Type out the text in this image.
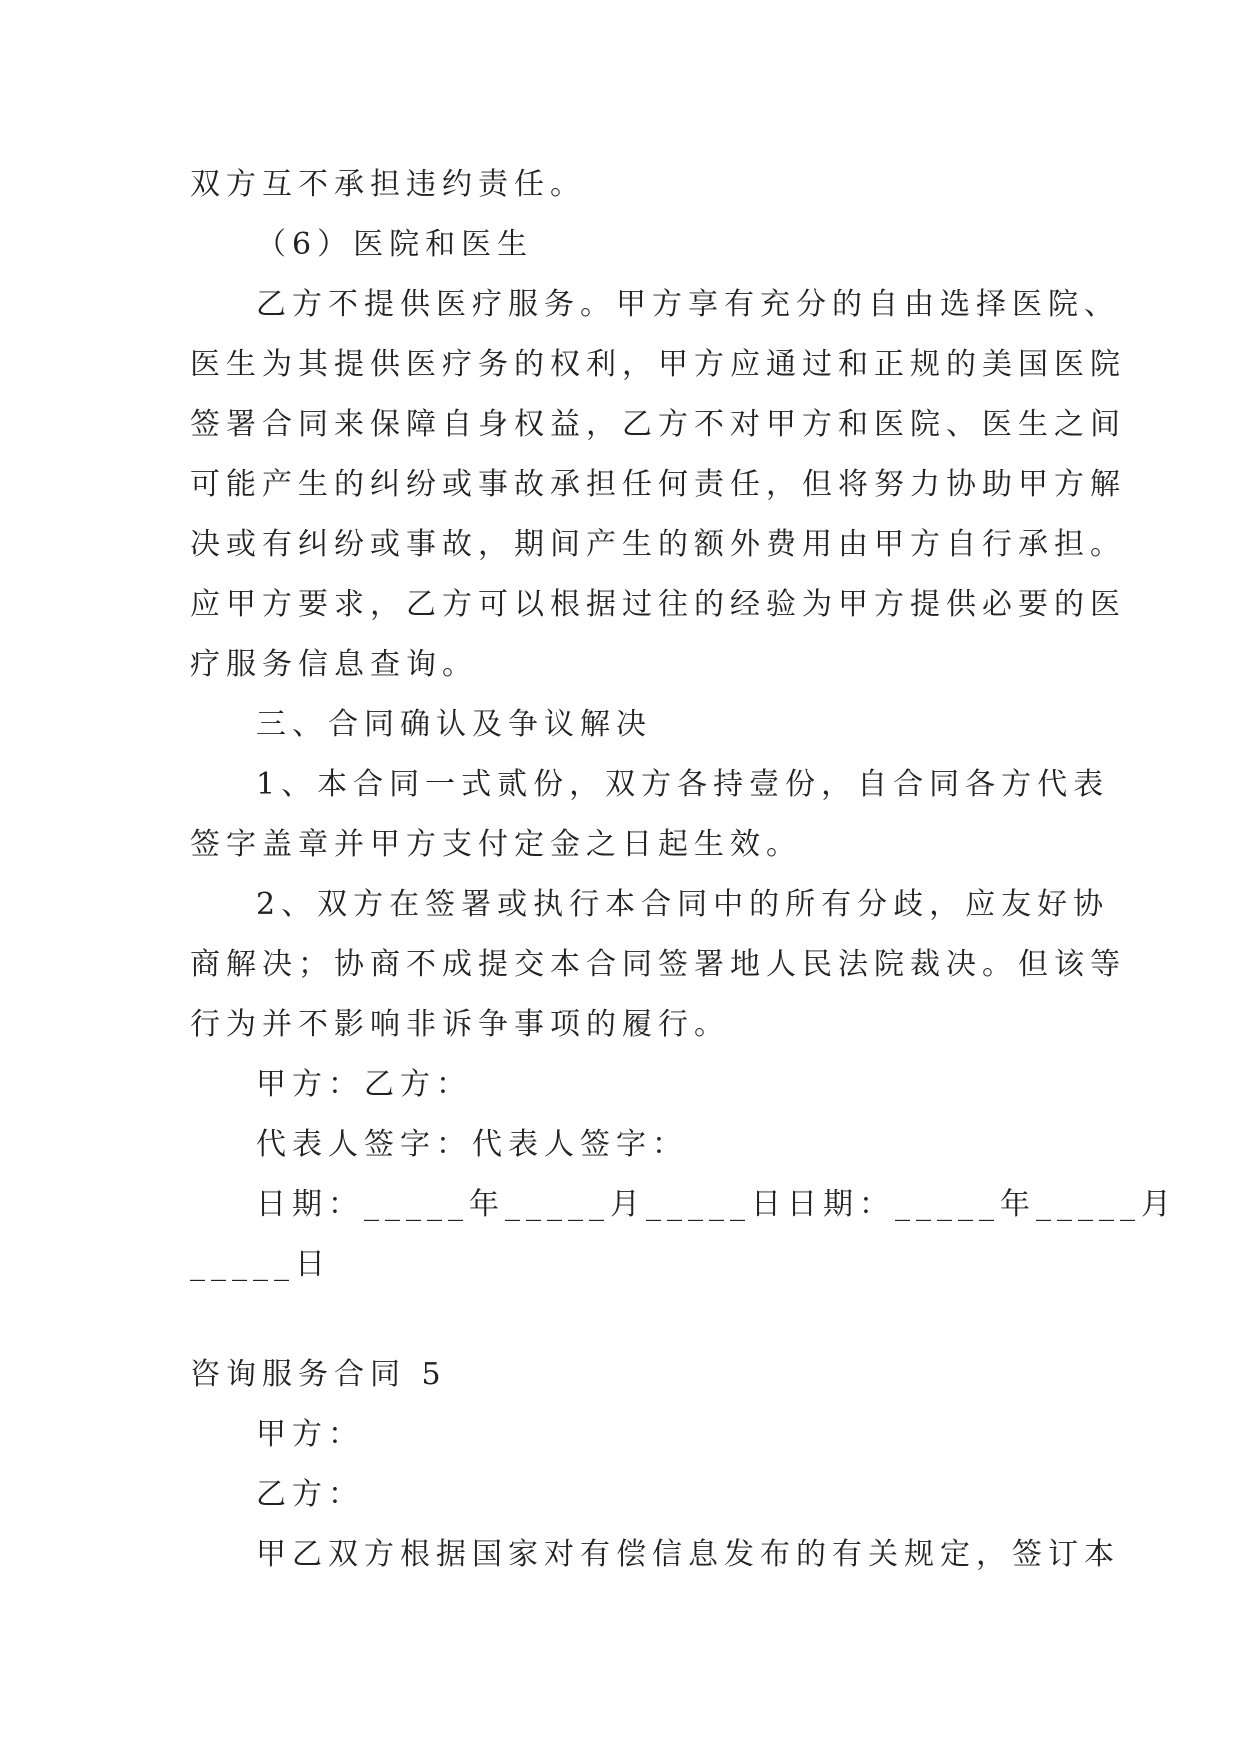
双方互不承担违约责任。
（6）医院和医生
乙方不提供医疗服务。甲方享有充分的自由选择医院、
医生为其提供医疗务的权利，甲方应通过和正规的美国医院
签署合同来保障自身权益，乙方不对甲方和医院、医生之间
可能产生的纠纷或事故承担任何责任，但将努力协助甲方解
决或有纠纷或事故，期间产生的额外费用由甲方自行承担。
应甲方要求，乙方可以根据过往的经验为甲方提供必要的医
疗服务信息查询。
三、合同确认及争议解决
1、本合同一式贰份，双方各持壹份，自合同各方代表
签字盖章并甲方支付定金之日起生效。
2、双方在签署或执行本合同中的所有分歧，应友好协
商解决；协商不成提交本合同签署地人民法院裁决。但该等
行为并不影响非诉争事项的履行。
甲方：乙方：
代表人签字：代表人签字：
日期：_____年_____月_____日日期：_____年_____月
_____日
咨询服务合同 5
甲方：
乙方：
甲乙双方根据国家对有偿信息发布的有关规定，签订本
